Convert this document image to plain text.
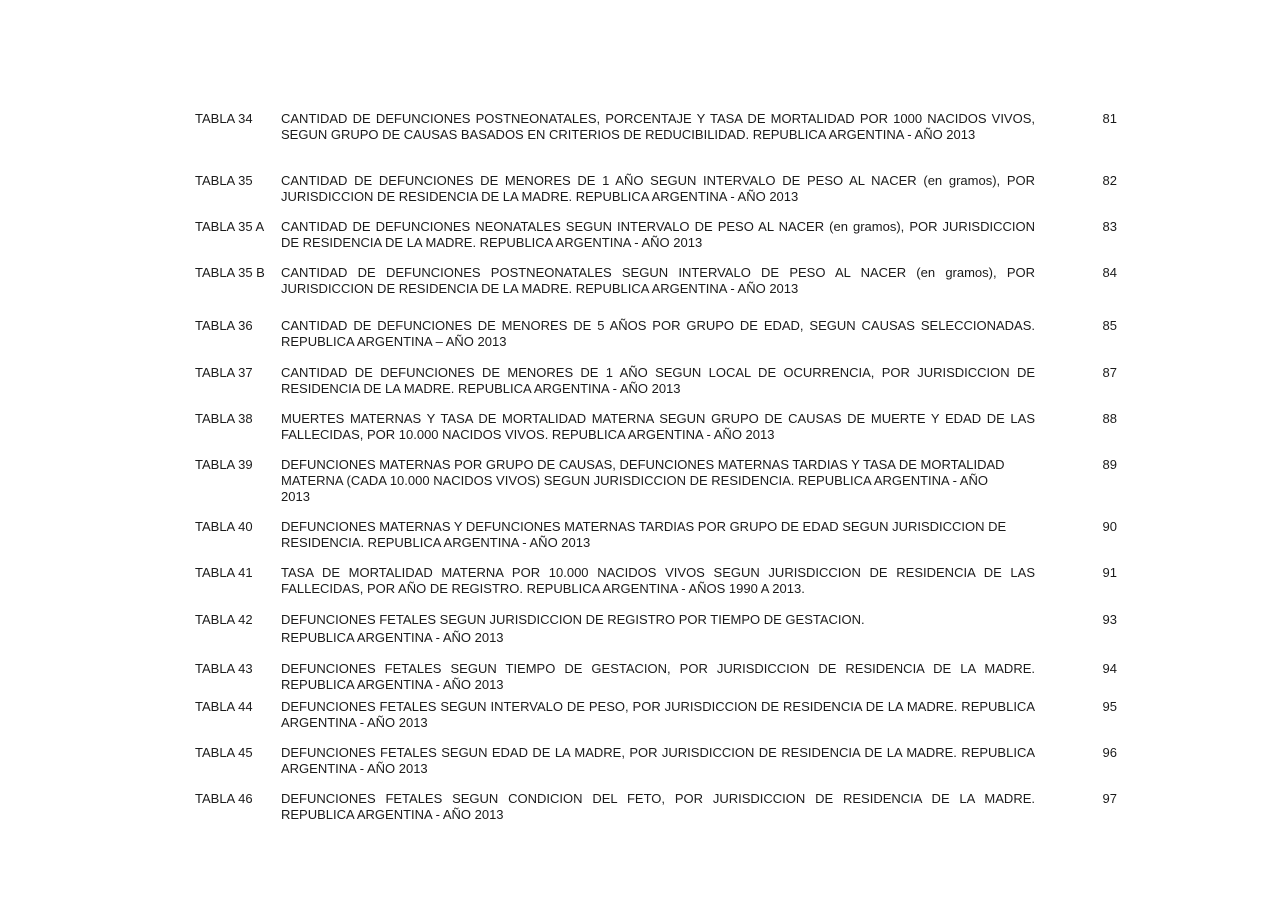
TABLA 34 CANTIDAD DE DEFUNCIONES POSTNEONATALES, PORCENTAJE Y TASA DE MORTALIDAD POR 1000 NACIDOS VIVOS, SEGUN GRUPO DE CAUSAS BASADOS EN CRITERIOS DE REDUCIBILIDAD. REPUBLICA ARGENTINA - AÑO 2013
81
TABLA 35 CANTIDAD DE DEFUNCIONES DE MENORES DE 1 AÑO SEGUN INTERVALO DE PESO AL NACER (en gramos), POR JURISDICCION DE RESIDENCIA DE LA MADRE. REPUBLICA ARGENTINA - AÑO 2013
82
TABLA 35 A CANTIDAD DE DEFUNCIONES NEONATALES SEGUN INTERVALO DE PESO AL NACER (en gramos), POR JURISDICCION DE RESIDENCIA DE LA MADRE. REPUBLICA ARGENTINA - AÑO 2013
83
TABLA 35 B CANTIDAD DE DEFUNCIONES POSTNEONATALES SEGUN INTERVALO DE PESO AL NACER (en gramos), POR JURISDICCION DE RESIDENCIA DE LA MADRE. REPUBLICA ARGENTINA - AÑO 2013
84
TABLA 36 CANTIDAD DE DEFUNCIONES DE MENORES DE 5 AÑOS POR GRUPO DE EDAD, SEGUN CAUSAS SELECCIONADAS. REPUBLICA ARGENTINA – AÑO 2013
85
TABLA 37 CANTIDAD DE DEFUNCIONES DE MENORES DE 1 AÑO SEGUN LOCAL DE OCURRENCIA, POR JURISDICCION DE RESIDENCIA DE LA MADRE. REPUBLICA ARGENTINA - AÑO 2013
87
TABLA 38 MUERTES MATERNAS Y TASA DE MORTALIDAD MATERNA SEGUN GRUPO DE CAUSAS DE MUERTE Y EDAD DE LAS FALLECIDAS, POR 10.000 NACIDOS VIVOS. REPUBLICA ARGENTINA - AÑO 2013
88
TABLA 39 DEFUNCIONES MATERNAS POR GRUPO DE CAUSAS, DEFUNCIONES MATERNAS TARDIAS Y TASA DE MORTALIDAD MATERNA (CADA 10.000 NACIDOS VIVOS) SEGUN JURISDICCION DE RESIDENCIA. REPUBLICA ARGENTINA - AÑO 2013
89
TABLA 40 DEFUNCIONES MATERNAS Y DEFUNCIONES MATERNAS TARDIAS POR GRUPO DE EDAD SEGUN JURISDICCION DE RESIDENCIA. REPUBLICA ARGENTINA - AÑO 2013
90
TABLA 41 TASA DE MORTALIDAD MATERNA POR 10.000 NACIDOS VIVOS SEGUN JURISDICCION DE RESIDENCIA DE LAS FALLECIDAS, POR AÑO DE REGISTRO. REPUBLICA ARGENTINA - AÑOS 1990 A 2013.
91
TABLA 42 DEFUNCIONES FETALES SEGUN JURISDICCION DE REGISTRO POR TIEMPO DE GESTACION.
REPUBLICA ARGENTINA - AÑO 2013
93
TABLA 43 DEFUNCIONES FETALES SEGUN TIEMPO DE GESTACION, POR JURISDICCION DE RESIDENCIA DE LA MADRE. REPUBLICA ARGENTINA - AÑO 2013
94
TABLA 44 DEFUNCIONES FETALES SEGUN INTERVALO DE PESO, POR JURISDICCION DE RESIDENCIA DE LA MADRE. REPUBLICA ARGENTINA - AÑO 2013
95
TABLA 45 DEFUNCIONES FETALES SEGUN EDAD DE LA MADRE, POR JURISDICCION DE RESIDENCIA DE LA MADRE. REPUBLICA ARGENTINA - AÑO 2013
96
TABLA 46 DEFUNCIONES FETALES SEGUN CONDICION DEL FETO, POR JURISDICCION DE RESIDENCIA DE LA MADRE. REPUBLICA ARGENTINA - AÑO 2013
97
